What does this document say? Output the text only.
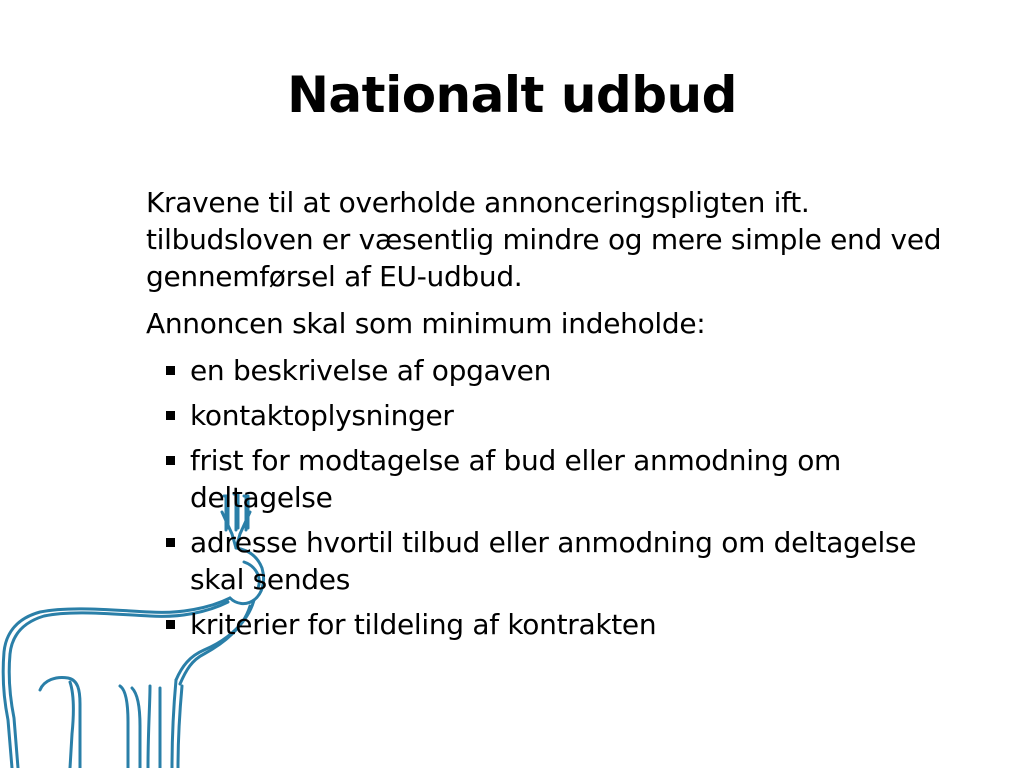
Nationalt udbud

Kravene til at overholde annonceringspligten ift. tilbudsloven er væsentlig mindre og mere simple end ved gennemførsel af EU-udbud.

Annoncen skal som minimum indeholde:

en beskrivelse af opgaven
kontaktoplysninger
frist for modtagelse af bud eller anmodning om deltagelse
adresse hvortil tilbud eller anmodning om deltagelse skal sendes
kriterier for tildeling af kontrakten
